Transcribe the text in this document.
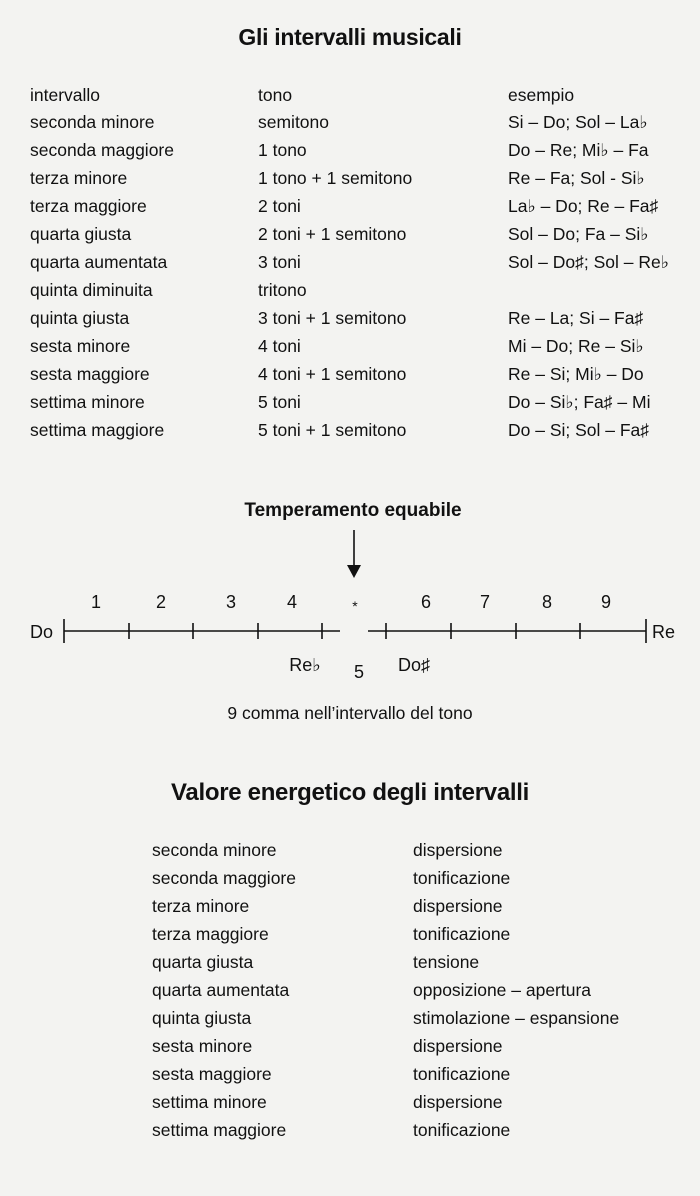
Gli intervalli musicali
intervallo	tono	esempio
seconda minore	semitono	Si – Do; Sol – La♭
seconda maggiore	1 tono	Do – Re; Mi♭ – Fa
terza minore	1 tono + 1 semitono	Re – Fa; Sol - Si♭
terza maggiore	2 toni	La♭ – Do; Re – Fa♯
quarta giusta	2 toni + 1 semitono	Sol – Do; Fa – Si♭
quarta aumentata	3 toni	Sol – Do♯; Sol – Re♭
quinta diminuita	tritono
quinta giusta	3 toni + 1 semitono	Re – La; Si – Fa♯
sesta minore	4 toni	Mi – Do; Re – Si♭
sesta maggiore	4 toni + 1 semitono	Re – Si; Mi♭ – Do
settima minore	5 toni	Do – Si♭; Fa♯ – Mi
settima maggiore	5 toni + 1 semitono	Do – Si; Sol – Fa♯
Temperamento equabile
Do	Re
1	2	3	4
5
6	7	8	9
*
Re♭	Do♯
9 comma nell’intervallo del tono
Valore energetico degli intervalli
seconda minore	dispersione
seconda maggiore	tonificazione
terza minore	dispersione
terza maggiore	tonificazione
quarta giusta	tensione
quarta aumentata	opposizione – apertura
quinta giusta	stimolazione – espansione
sesta minore	dispersione
sesta maggiore	tonificazione
settima minore	dispersione
settima maggiore	tonificazione
